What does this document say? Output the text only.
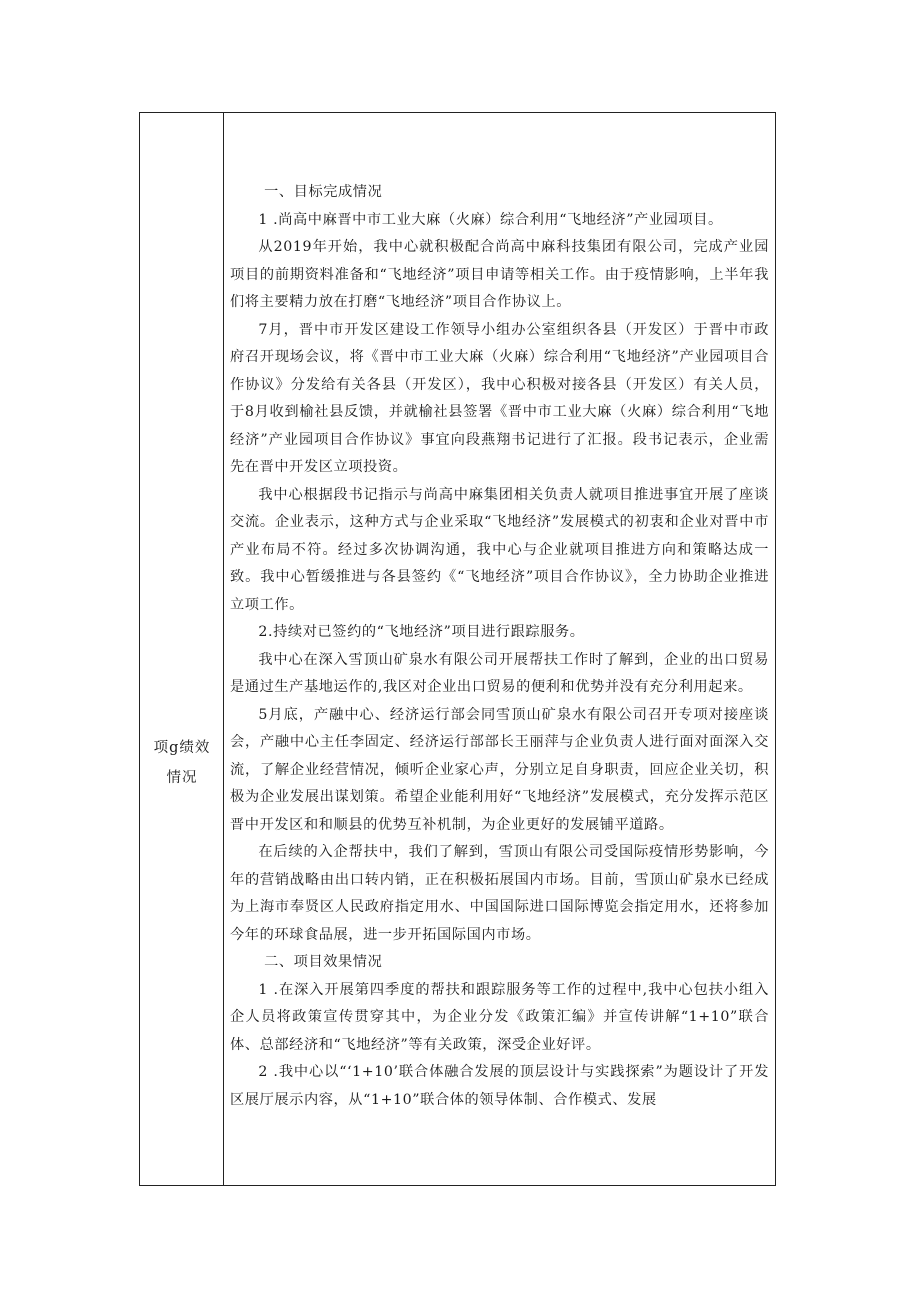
项g绩效
情况

一、目标完成情况

1 .尚高中麻晋中市工业大麻（火麻）综合利用“飞地经济”产业园项目。

从2019年开始，我中心就积极配合尚高中麻科技集团有限公司，完成产业园项目的前期资料准备和“飞地经济”项目申请等相关工作。由于疫情影响，上半年我们将主要精力放在打磨“飞地经济”项目合作协议上。

7月，晋中市开发区建设工作领导小组办公室组织各县（开发区）于晋中市政府召开现场会议，将《晋中市工业大麻（火麻）综合利用“飞地经济”产业园项目合作协议》分发给有关各县（开发区），我中心积极对接各县（开发区）有关人员，于8月收到榆社县反馈，并就榆社县签署《晋中市工业大麻（火麻）综合利用“飞地经济”产业园项目合作协议》事宜向段燕翔书记进行了汇报。段书记表示，企业需先在晋中开发区立项投资。

我中心根据段书记指示与尚高中麻集团相关负责人就项目推进事宜开展了座谈交流。企业表示，这种方式与企业采取“飞地经济”发展模式的初衷和企业对晋中市产业布局不符。经过多次协调沟通，我中心与企业就项目推进方向和策略达成一致。我中心暂缓推进与各县签约《“飞地经济”项目合作协议》，全力协助企业推进立项工作。

2.持续对已签约的“飞地经济”项目进行跟踪服务。

我中心在深入雪顶山矿泉水有限公司开展帮扶工作时了解到，企业的出口贸易是通过生产基地运作的,我区对企业出口贸易的便利和优势并没有充分利用起来。

5月底，产融中心、经济运行部会同雪顶山矿泉水有限公司召开专项对接座谈会，产融中心主任李固定、经济运行部部长王丽萍与企业负责人进行面对面深入交流，了解企业经营情况，倾听企业家心声，分别立足自身职责，回应企业关切，积极为企业发展出谋划策。希望企业能利用好“飞地经济”发展模式，充分发挥示范区晋中开发区和和顺县的优势互补机制，为企业更好的发展铺平道路。

在后续的入企帮扶中，我们了解到，雪顶山有限公司受国际疫情形势影响，今年的营销战略由出口转内销，正在积极拓展国内市场。目前，雪顶山矿泉水已经成为上海市奉贤区人民政府指定用水、中国国际进口国际博览会指定用水，还将参加今年的环球食品展，进一步开拓国际国内市场。

二、项目效果情况

1 .在深入开展第四季度的帮扶和跟踪服务等工作的过程中,我中心包扶小组入企人员将政策宣传贯穿其中，为企业分发《政策汇编》并宣传讲解“1+10”联合体、总部经济和“飞地经济”等有关政策，深受企业好评。

2 .我中心以“‘1+10’联合体融合发展的顶层设计与实践探索”为题设计了开发区展厅展示内容，从“1+10”联合体的领导体制、合作模式、发展
